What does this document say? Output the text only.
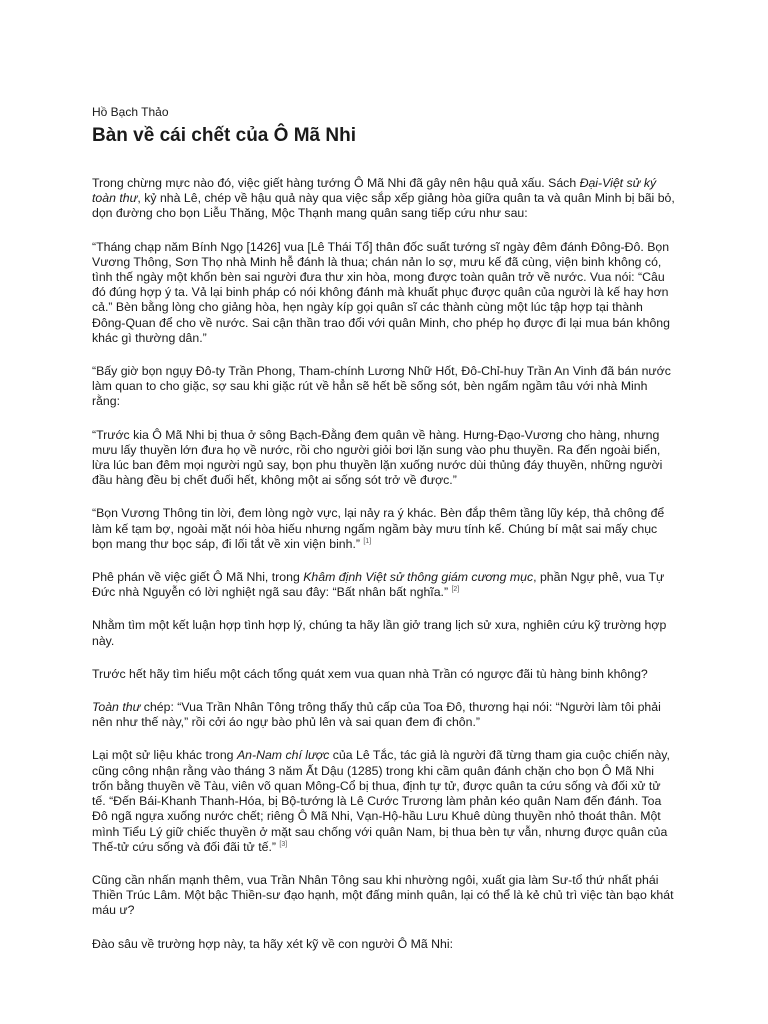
Hồ Bạch Thảo
Bàn về cái chết của Ô Mã Nhi

Trong chừng mực nào đó, việc giết hàng tướng Ô Mã Nhi đã gây nên hậu quả xấu. Sách Đại-Việt sử ký toàn thư, kỷ nhà Lê, chép về hậu quả này qua việc sắp xếp giảng hòa giữa quân ta và quân Minh bị bãi bỏ, dọn đường cho bọn Liễu Thăng, Mộc Thạnh mang quân sang tiếp cứu như sau:

“Tháng chạp năm Bính Ngọ [1426] vua [Lê Thái Tổ] thân đốc suất tướng sĩ ngày đêm đánh Đông-Đô. Bọn Vương Thông, Sơn Thọ nhà Minh hễ đánh là thua; chán nản lo sợ, mưu kế đã cùng, viện binh không có, tình thế ngày một khốn bèn sai người đưa thư xin hòa, mong được toàn quân trở về nước. Vua nói: “Câu đó đúng hợp ý ta. Vả lại binh pháp có nói không đánh mà khuất phục được quân của người là kế hay hơn cả.” Bèn bằng lòng cho giảng hòa, hẹn ngày kíp gọi quân sĩ các thành cùng một lúc tập hợp tại thành Đông-Quan để cho về nước. Sai cận thần trao đổi với quân Minh, cho phép họ được đi lại mua bán không khác gì thường dân.”

“Bấy giờ bọn ngụy Đô-ty Trần Phong, Tham-chính Lương Nhữ Hốt, Đô-Chỉ-huy Trần An Vinh đã bán nước làm quan to cho giặc, sợ sau khi giặc rút về hẳn sẽ hết bề sống sót, bèn ngấm ngầm tâu với nhà Minh rằng:

“Trước kia Ô Mã Nhi bị thua ở sông Bạch-Đằng đem quân về hàng. Hưng-Đạo-Vương cho hàng, nhưng mưu lấy thuyền lớn đưa họ về nước, rồi cho người giỏi bơi lặn sung vào phu thuyền. Ra đến ngoài biển, lừa lúc ban đêm mọi người ngủ say, bọn phu thuyền lặn xuống nước dùi thủng đáy thuyền, những người đầu hàng đều bị chết đuối hết, không một ai sống sót trở về được.”

“Bọn Vương Thông tin lời, đem lòng ngờ vực, lại nảy ra ý khác. Bèn đắp thêm tầng lũy kép, thả chông để làm kế tạm bợ, ngoài mặt nói hòa hiếu nhưng ngấm ngầm bày mưu tính kế. Chúng bí mật sai mấy chục bọn mang thư bọc sáp, đi lối tắt về xin viện binh.” [1]

Phê phán về việc giết Ô Mã Nhi, trong Khâm định Việt sử thông giám cương mục, phần Ngự phê, vua Tự Đức nhà Nguyễn có lời nghiệt ngã sau đây: “Bất nhân bất nghĩa.” [2]

Nhằm tìm một kết luận hợp tình hợp lý, chúng ta hãy lần giở trang lịch sử xưa, nghiên cứu kỹ trường hợp này.

Trước hết hãy tìm hiểu một cách tổng quát xem vua quan nhà Trần có ngược đãi tù hàng binh không?

Toàn thư chép: “Vua Trần Nhân Tông trông thấy thủ cấp của Toa Đô, thương hại nói: “Người làm tôi phải nên như thế này,” rồi cởi áo ngự bào phủ lên và sai quan đem đi chôn.”

Lại một sử liệu khác trong An-Nam chí lược của Lê Tắc, tác giả là người đã từng tham gia cuộc chiến này, cũng công nhận rằng vào tháng 3 năm Ất Dậu (1285) trong khi cầm quân đánh chặn cho bọn Ô Mã Nhi trốn bằng thuyền về Tàu, viên võ quan Mông-Cổ bị thua, định tự tử, được quân ta cứu sống và đối xử tử tế. “Đến Bái-Khanh Thanh-Hóa, bị Bộ-tướng là Lê Cước Trương làm phản kéo quân Nam đến đánh. Toa Đô ngã ngựa xuống nước chết; riêng Ô Mã Nhi, Vạn-Hộ-hầu Lưu Khuê dùng thuyền nhỏ thoát thân. Một mình Tiểu Lý giữ chiếc thuyền ở mặt sau chống với quân Nam, bị thua bèn tự vẫn, nhưng được quân của Thế-tử cứu sống và đối đãi tử tế.” [3]

Cũng cần nhấn mạnh thêm, vua Trần Nhân Tông sau khi nhường ngôi, xuất gia làm Sư-tổ thứ nhất phái Thiền Trúc Lâm. Một bậc Thiền-sư đạo hạnh, một đấng minh quân, lại có thể là kẻ chủ trì việc tàn bạo khát máu ư?

Đào sâu về trường hợp này, ta hãy xét kỹ về con người Ô Mã Nhi:
